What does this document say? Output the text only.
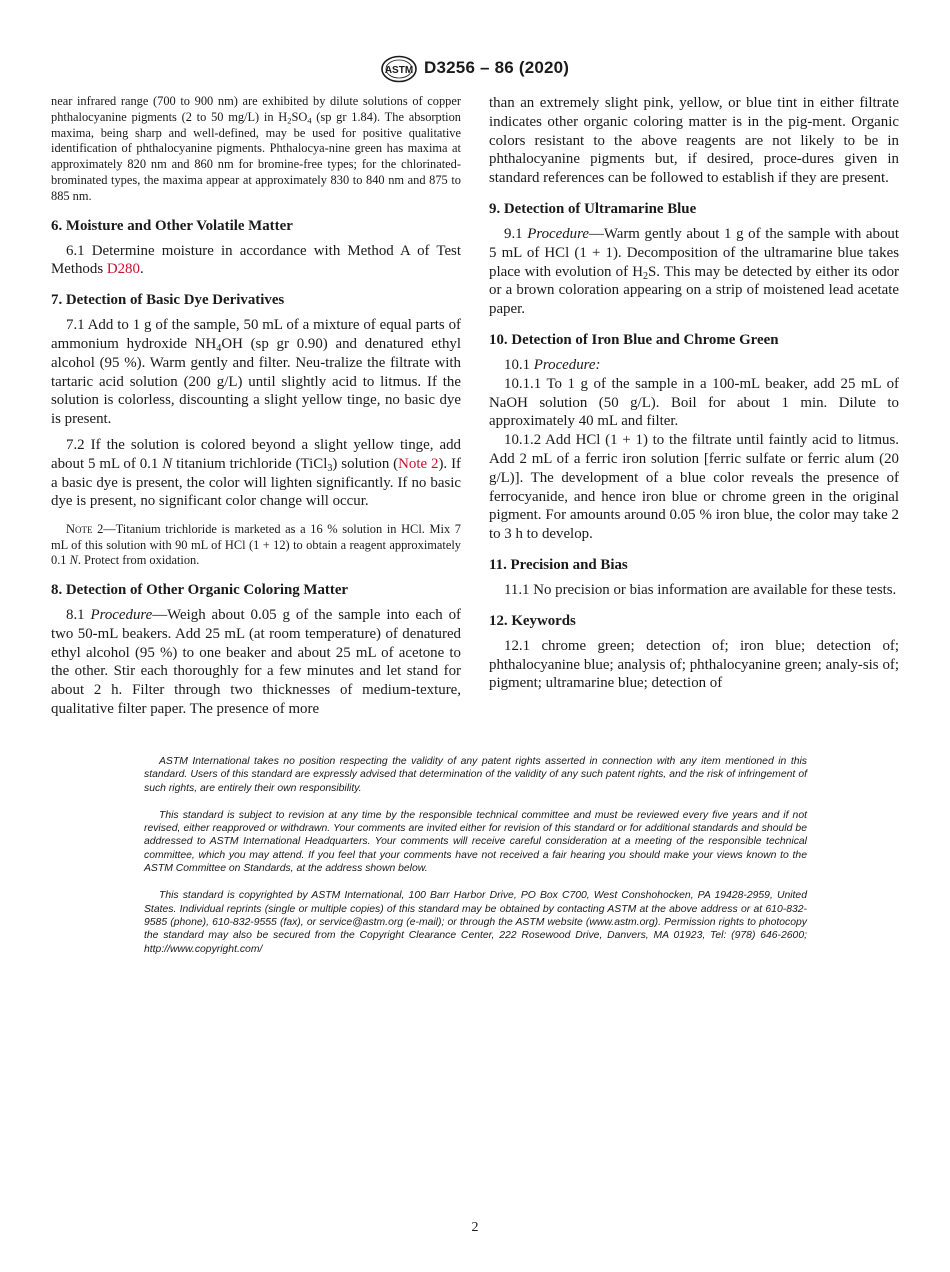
ASTM D3256 – 86 (2020)

near infrared range (700 to 900 nm) are exhibited by dilute solutions of copper phthalocyanine pigments (2 to 50 mg/L) in $H_2SO_4$ (sp gr 1.84). The absorption maxima, being sharp and well-defined, may be used for positive qualitative identification of phthalocyanine pigments. Phthalocya-nine green has maxima at approximately 820 nm and 860 nm for bromine-free types; for the chlorinated-brominated types, the maxima appear at approximately 830 to 840 nm and 875 to 885 nm.

6. Moisture and Other Volatile Matter

6.1 Determine moisture in accordance with Method A of Test Methods D280.

7. Detection of Basic Dye Derivatives

7.1 Add to 1 g of the sample, 50 mL of a mixture of equal parts of ammonium hydroxide $NH_4OH$ (sp gr 0.90) and denatured ethyl alcohol (95 %). Warm gently and filter. Neu-tralize the filtrate with tartaric acid solution (200 g/L) until slightly acid to litmus. If the solution is colorless, discounting a slight yellow tinge, no basic dye is present.

7.2 If the solution is colored beyond a slight yellow tinge, add about 5 mL of 0.1 N titanium trichloride (TiCl$_3$) solution (Note 2). If a basic dye is present, the color will lighten significantly. If no basic dye is present, no significant color change will occur.

Note 2—Titanium trichloride is marketed as a 16 % solution in HCl. Mix 7 mL of this solution with 90 mL of HCl (1 + 12) to obtain a reagent approximately 0.1 N. Protect from oxidation.

8. Detection of Other Organic Coloring Matter

8.1 Procedure—Weigh about 0.05 g of the sample into each of two 50-mL beakers. Add 25 mL (at room temperature) of denatured ethyl alcohol (95 %) to one beaker and about 25 mL of acetone to the other. Stir each thoroughly for a few minutes and let stand for about 2 h. Filter through two thicknesses of medium-texture, qualitative filter paper. The presence of more

than an extremely slight pink, yellow, or blue tint in either filtrate indicates other organic coloring matter is in the pig-ment. Organic colors resistant to the above reagents are not likely to be in phthalocyanine pigments but, if desired, proce-dures given in standard references can be followed to establish if they are present.

9. Detection of Ultramarine Blue

9.1 Procedure—Warm gently about 1 g of the sample with about 5 mL of HCl (1 + 1). Decomposition of the ultramarine blue takes place with evolution of $H_2S$. This may be detected by either its odor or a brown coloration appearing on a strip of moistened lead acetate paper.

10. Detection of Iron Blue and Chrome Green

10.1 Procedure:

10.1.1 To 1 g of the sample in a 100-mL beaker, add 25 mL of NaOH solution (50 g/L). Boil for about 1 min. Dilute to approximately 40 mL and filter.

10.1.2 Add HCl (1 + 1) to the filtrate until faintly acid to litmus. Add 2 mL of a ferric iron solution [ferric sulfate or ferric alum (20 g/L)]. The development of a blue color reveals the presence of ferrocyanide, and hence iron blue or chrome green in the original pigment. For amounts around 0.05 % iron blue, the color may take 2 to 3 h to develop.

11. Precision and Bias

11.1 No precision or bias information are available for these tests.

12. Keywords

12.1 chrome green; detection of; iron blue; detection of; phthalocyanine blue; analysis of; phthalocyanine green; analy-sis of; pigment; ultramarine blue; detection of

ASTM International takes no position respecting the validity of any patent rights asserted in connection with any item mentioned in this standard. Users of this standard are expressly advised that determination of the validity of any such patent rights, and the risk of infringement of such rights, are entirely their own responsibility.

This standard is subject to revision at any time by the responsible technical committee and must be reviewed every five years and if not revised, either reapproved or withdrawn. Your comments are invited either for revision of this standard or for additional standards and should be addressed to ASTM International Headquarters. Your comments will receive careful consideration at a meeting of the responsible technical committee, which you may attend. If you feel that your comments have not received a fair hearing you should make your views known to the ASTM Committee on Standards, at the address shown below.

This standard is copyrighted by ASTM International, 100 Barr Harbor Drive, PO Box C700, West Conshohocken, PA 19428-2959, United States. Individual reprints (single or multiple copies) of this standard may be obtained by contacting ASTM at the above address or at 610-832-9585 (phone), 610-832-9555 (fax), or service@astm.org (e-mail); or through the ASTM website (www.astm.org). Permission rights to photocopy the standard may also be secured from the Copyright Clearance Center, 222 Rosewood Drive, Danvers, MA 01923, Tel: (978) 646-2600; http://www.copyright.com/

2
